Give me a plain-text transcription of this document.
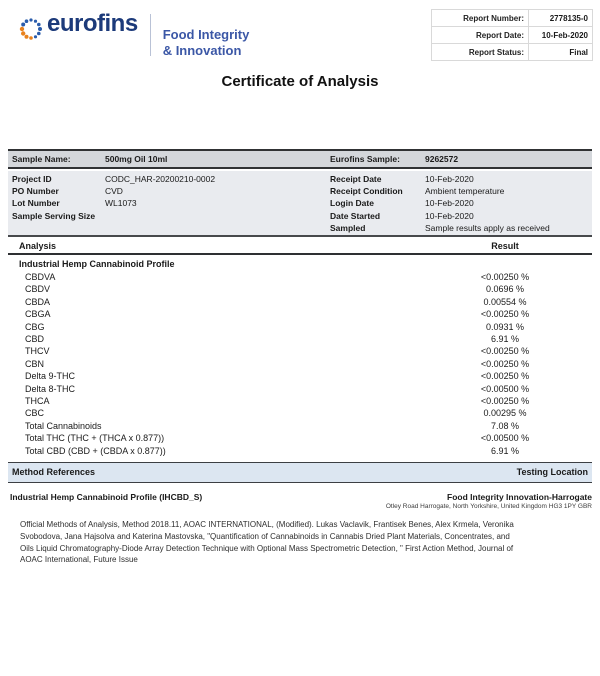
eurofins Food Integrity
& Innovation
Report Number:	2778135-0
Report Date:	10-Feb-2020
Report Status:	Final
Certificate of Analysis
Sample Name:	500mg Oil 10ml	Eurofins Sample:	9262572
Project ID	CODC_HAR-20200210-0002
PO Number	CVD
Lot Number	WL1073
Sample Serving Size
Receipt Date	10-Feb-2020
Receipt Condition	Ambient temperature
Login Date	10-Feb-2020
Date Started	10-Feb-2020
Sampled	Sample results apply as received
Analysis	Result
Industrial Hemp Cannabinoid Profile
CBDVA	<0.00250 %
CBDV	0.0696 %
CBDA	0.00554 %
CBGA	<0.00250 %
CBG	0.0931 %
CBD	6.91 %
THCV	<0.00250 %
CBN	<0.00250 %
Delta 9-THC	<0.00250 %
Delta 8-THC	<0.00500 %
THCA	<0.00250 %
CBC	0.00295 %
Total Cannabinoids	7.08 %
Total THC (THC + (THCA x 0.877))	<0.00500 %
Total CBD (CBD + (CBDA x 0.877))	6.91 %
Method References	Testing Location
Industrial Hemp Cannabinoid Profile (IHCBD_S)	Food Integrity Innovation-Harrogate
Otley Road Harrogate, North Yorkshire, United Kingdom HG3 1PY GBR
Official Methods of Analysis, Method 2018.11, AOAC INTERNATIONAL, (Modified). Lukas Vaclavik, Frantisek Benes, Alex Krmela, Veronika Svobodova, Jana Hajsolva and Katerina Mastovska, "Quantification of Cannabinoids in Cannabis Dried Plant Materials, Concentrates, and Oils Liquid Chromatography-Diode Array Detection Technique with Optional Mass Spectrometric Detection, " First Action Method, Journal of AOAC International, Future Issue
